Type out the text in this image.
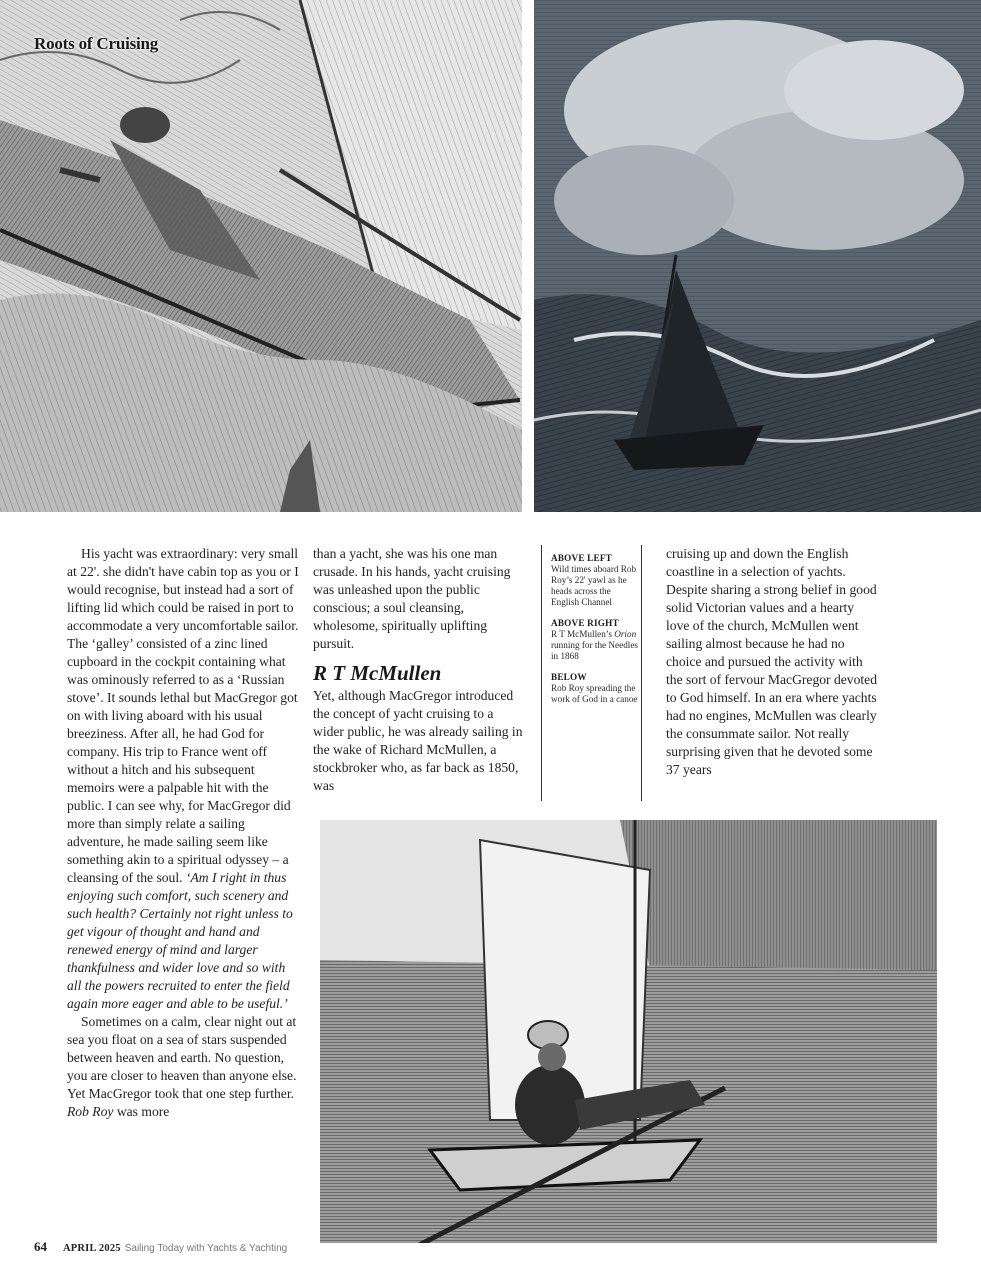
Roots of Cruising

His yacht was extraordinary: very small at 22'. she didn't have cabin top as you or I would recognise, but instead had a sort of lifting lid which could be raised in port to accommodate a very uncomfortable sailor. The ‘galley’ consisted of a zinc lined cupboard in the cockpit containing what was ominously referred to as a ‘Russian stove’. It sounds lethal but MacGregor got on with living aboard with his usual breeziness. After all, he had God for company. His trip to France went off without a hitch and his subsequent memoirs were a palpable hit with the public. I can see why, for MacGregor did more than simply relate a sailing adventure, he made sailing seem like something akin to a spiritual odyssey – a cleansing of the soul. ‘Am I right in thus enjoying such comfort, such scenery and such health? Certainly not right unless to get vigour of thought and hand and renewed energy of mind and larger thankfulness and wider love and so with all the powers recruited to enter the field again more eager and able to be useful.’

Sometimes on a calm, clear night out at sea you float on a sea of stars suspended between heaven and earth. No question, you are closer to heaven than anyone else. Yet MacGregor took that one step further. Rob Roy was more

than a yacht, she was his one man crusade. In his hands, yacht cruising was unleashed upon the public conscious; a soul cleansing, wholesome, spiritually uplifting pursuit.

R T McMullen

Yet, although MacGregor introduced the concept of yacht cruising to a wider public, he was already sailing in the wake of Richard McMullen, a stockbroker who, as far back as 1850, was

ABOVE LEFT
Wild times aboard Rob Roy’s 22' yawl as he heads across the English Channel
ABOVE RIGHT
R T McMullen’s Orion running for the Needles in 1868
BELOW
Rob Roy spreading the work of God in a canoe

cruising up and down the English coastline in a selection of yachts. Despite sharing a strong belief in good solid Victorian values and a hearty love of the church, McMullen went sailing almost because he had no choice and pursued the activity with the sort of fervour MacGregor devoted to God himself. In an era where yachts had no engines, McMullen was clearly the consummate sailor. Not really surprising given that he devoted some 37 years

64 APRIL 2025 Sailing Today with Yachts & Yachting
